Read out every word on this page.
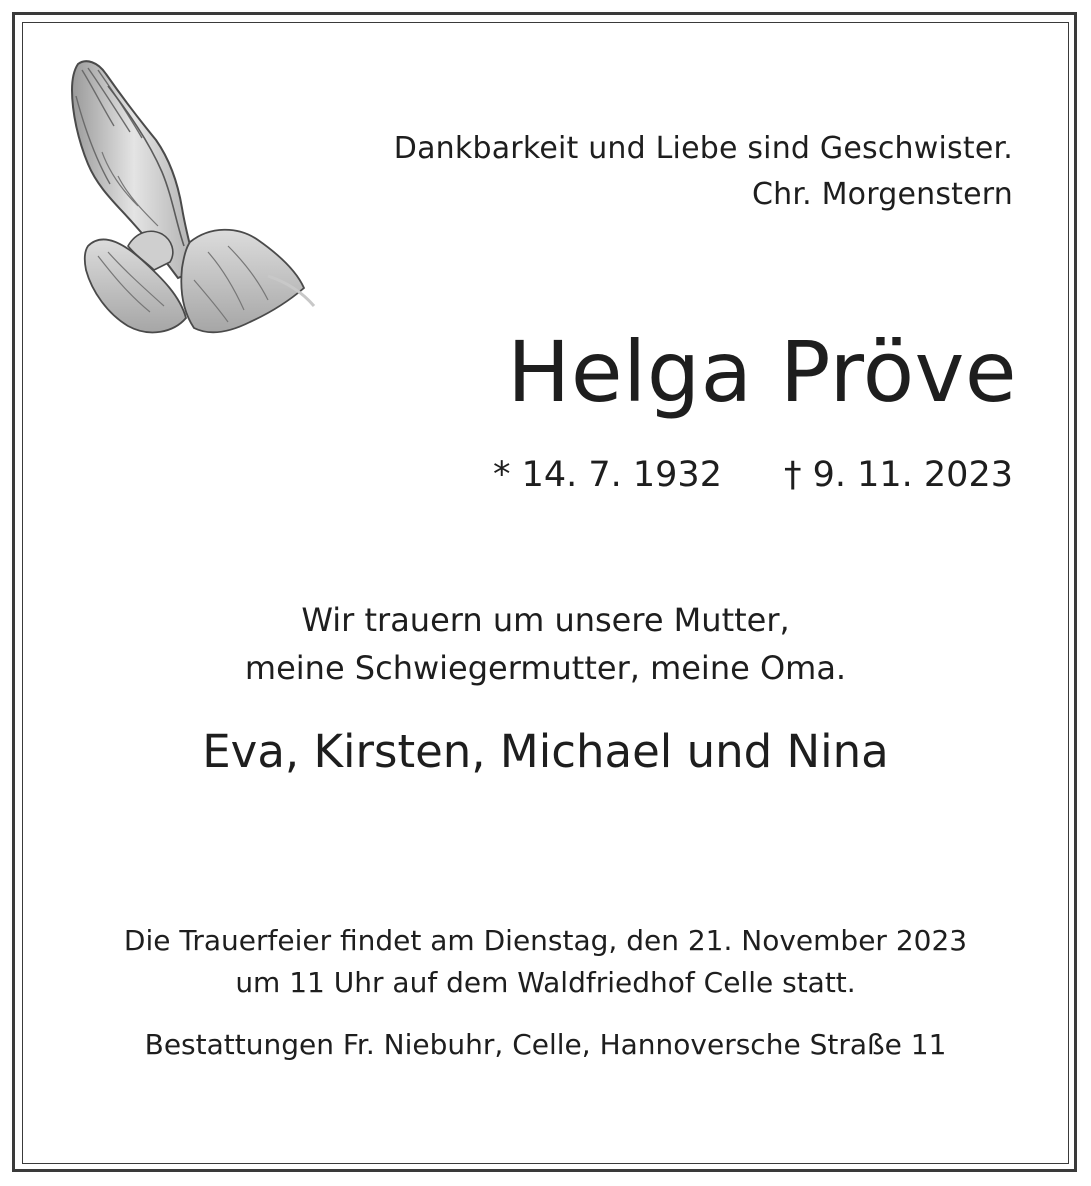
Dankbarkeit und Liebe sind Geschwister.
Chr. Morgenstern
Helga Pröve
* 14. 7. 1932 † 9. 11. 2023
Wir trauern um unsere Mutter,
meine Schwiegermutter, meine Oma.
Eva, Kirsten, Michael und Nina
Die Trauerfeier findet am Dienstag, den 21. November 2023
um 11 Uhr auf dem Waldfriedhof Celle statt.
Bestattungen Fr. Niebuhr, Celle, Hannoversche Straße 11
